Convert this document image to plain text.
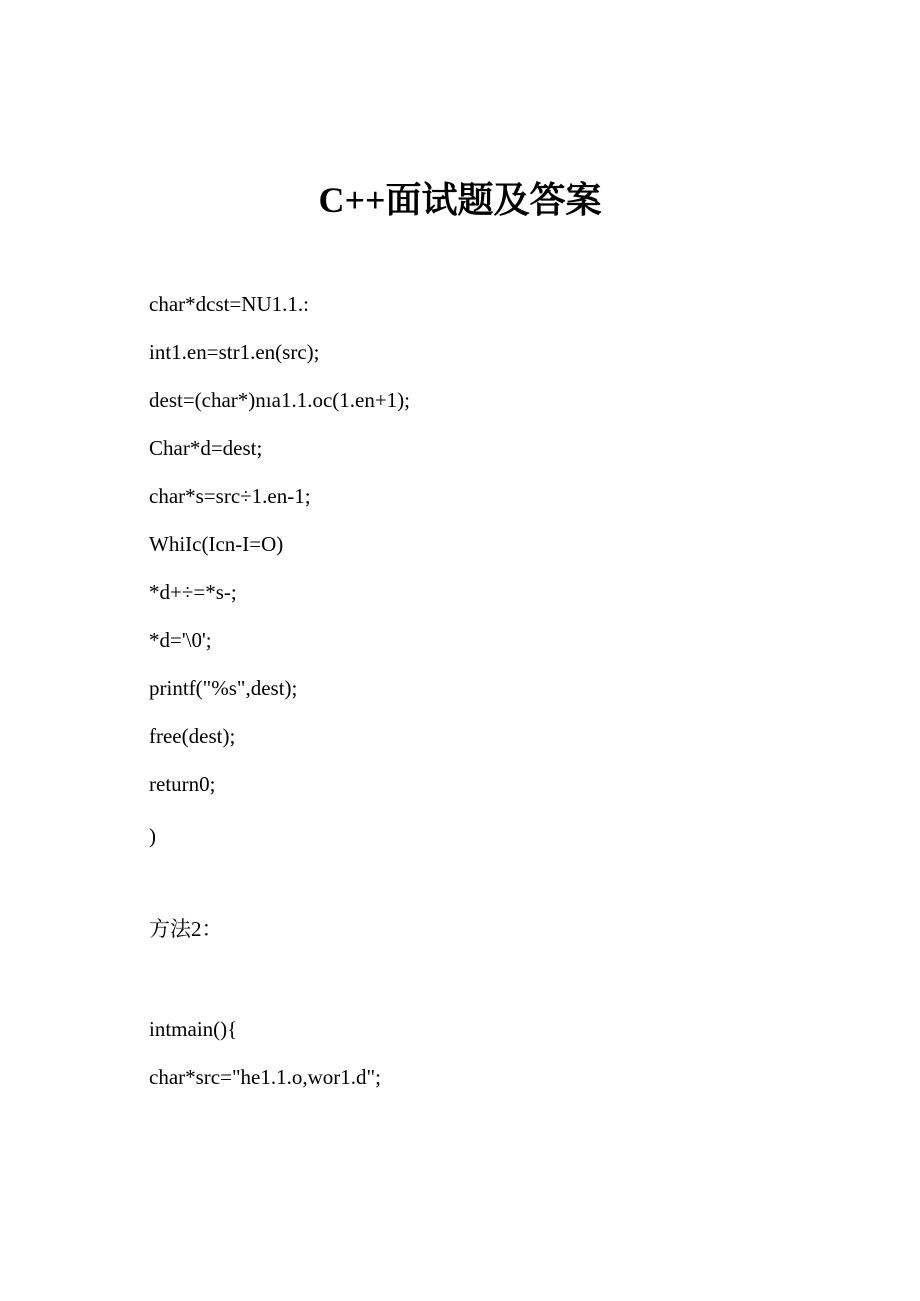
C++面试题及答案

char*dcst=NU1.1.:

int1.en=str1.en(src);

dest=(char*)nıa1.1.oc(1.en+1);

Char*d=dest;

char*s=src÷1.en-1;

WhiIc(Icn-I=O)

*d+÷=*s-;

*d='\0';

printf("%s",dest);

free(dest);

return0;

)

方法2：

intmain(){

char*src="he1.1.o,wor1.d";
